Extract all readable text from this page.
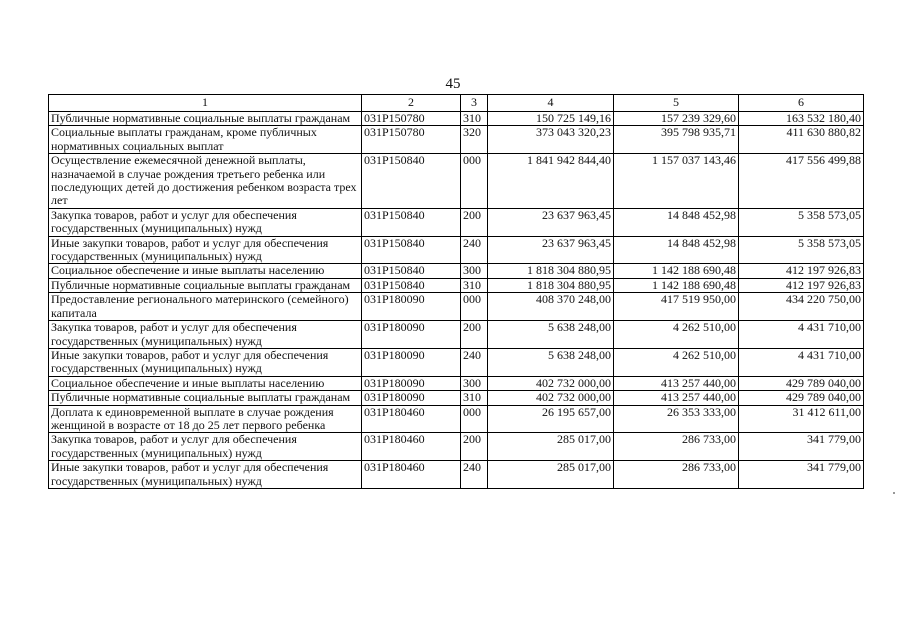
45
1	2	3	4	5	6
Публичные нормативные социальные выплаты гражданам	031P150780	310	150 725 149,16	157 239 329,60	163 532 180,40
Социальные выплаты гражданам, кроме публичных нормативных социальных выплат	031P150780	320	373 043 320,23	395 798 935,71	411 630 880,82
Осуществление ежемесячной денежной выплаты, назначаемой в случае рождения третьего ребенка или последующих детей до достижения ребенком возраста трех лет	031P150840	000	1 841 942 844,40	1 157 037 143,46	417 556 499,88
Закупка товаров, работ и услуг для обеспечения государственных (муниципальных) нужд	031P150840	200	23 637 963,45	14 848 452,98	5 358 573,05
Иные закупки товаров, работ и услуг для обеспечения государственных (муниципальных) нужд	031P150840	240	23 637 963,45	14 848 452,98	5 358 573,05
Социальное обеспечение и иные выплаты населению	031P150840	300	1 818 304 880,95	1 142 188 690,48	412 197 926,83
Публичные нормативные социальные выплаты гражданам	031P150840	310	1 818 304 880,95	1 142 188 690,48	412 197 926,83
Предоставление регионального материнского (семейного) капитала	031P180090	000	408 370 248,00	417 519 950,00	434 220 750,00
Закупка товаров, работ и услуг для обеспечения государственных (муниципальных) нужд	031P180090	200	5 638 248,00	4 262 510,00	4 431 710,00
Иные закупки товаров, работ и услуг для обеспечения государственных (муниципальных) нужд	031P180090	240	5 638 248,00	4 262 510,00	4 431 710,00
Социальное обеспечение и иные выплаты населению	031P180090	300	402 732 000,00	413 257 440,00	429 789 040,00
Публичные нормативные социальные выплаты гражданам	031P180090	310	402 732 000,00	413 257 440,00	429 789 040,00
Доплата к единовременной выплате в случае рождения женщиной в возрасте от 18 до 25 лет первого ребенка	031P180460	000	26 195 657,00	26 353 333,00	31 412 611,00
Закупка товаров, работ и услуг для обеспечения государственных (муниципальных) нужд	031P180460	200	285 017,00	286 733,00	341 779,00
Иные закупки товаров, работ и услуг для обеспечения государственных (муниципальных) нужд	031P180460	240	285 017,00	286 733,00	341 779,00
